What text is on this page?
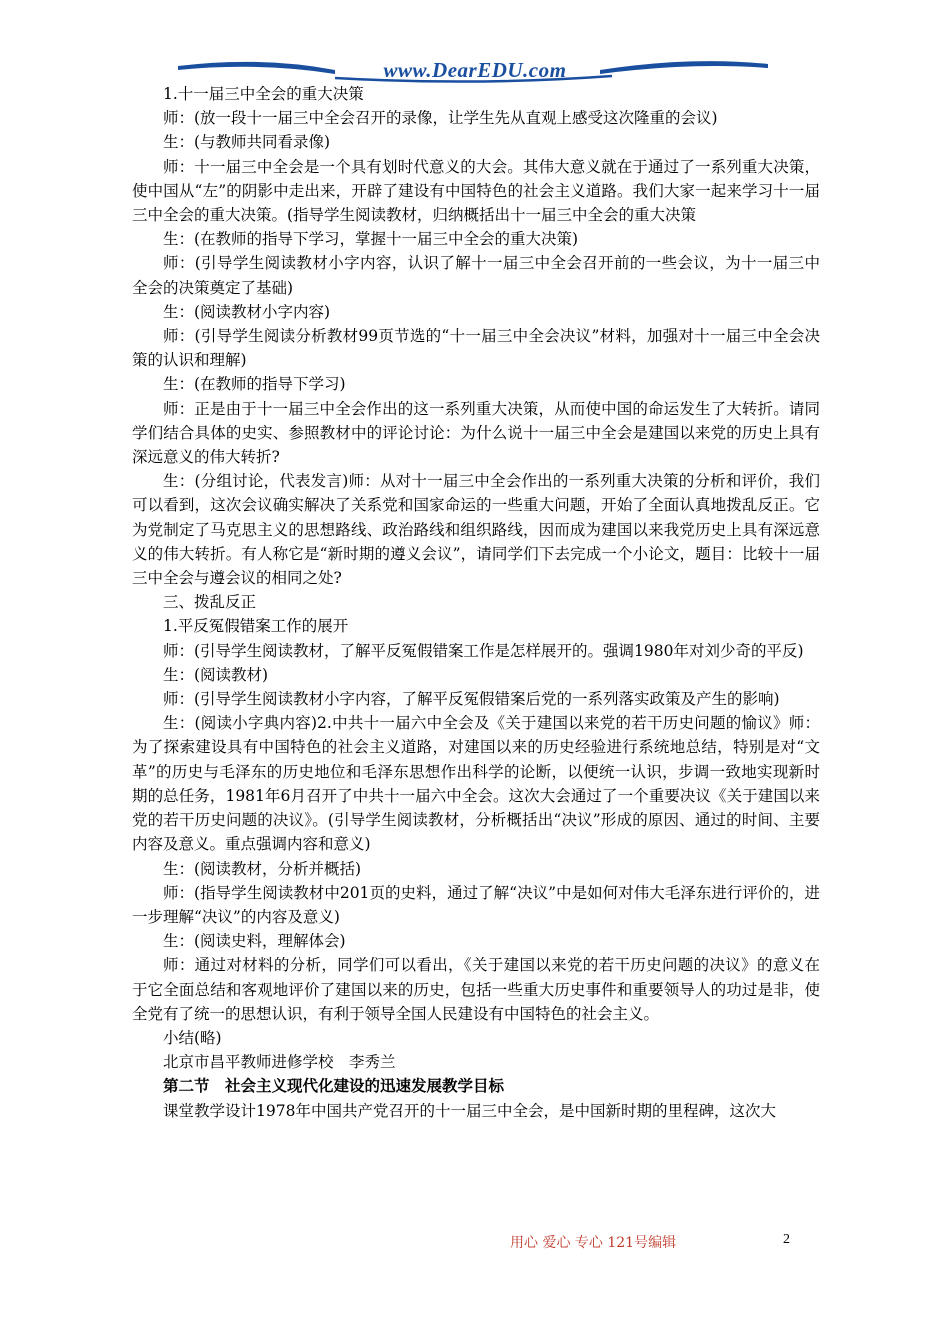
www.DearEDU.com

1.十一届三中全会的重大决策

师：(放一段十一届三中全会召开的录像，让学生先从直观上感受这次隆重的会议)

生：(与教师共同看录像)

师：十一届三中全会是一个具有划时代意义的大会。其伟大意义就在于通过了一系列重大决策，使中国从“左”的阴影中走出来，开辟了建设有中国特色的社会主义道路。我们大家一起来学习十一届三中全会的重大决策。(指导学生阅读教材，归纳概括出十一届三中全会的重大决策

生：(在教师的指导下学习，掌握十一届三中全会的重大决策)

师：(引导学生阅读教材小字内容，认识了解十一届三中全会召开前的一些会议，为十一届三中全会的决策奠定了基础)

生：(阅读教材小字内容)

师：(引导学生阅读分析教材99页节选的“十一届三中全会决议”材料，加强对十一届三中全会决策的认识和理解)

生：(在教师的指导下学习)

师：正是由于十一届三中全会作出的这一系列重大决策，从而使中国的命运发生了大转折。请同学们结合具体的史实、参照教材中的评论讨论：为什么说十一届三中全会是建国以来党的历史上具有深远意义的伟大转折?

生：(分组讨论，代表发言)师：从对十一届三中全会作出的一系列重大决策的分析和评价，我们可以看到，这次会议确实解决了关系党和国家命运的一些重大问题，开始了全面认真地拨乱反正。它为党制定了马克思主义的思想路线、政治路线和组织路线，因而成为建国以来我党历史上具有深远意义的伟大转折。有人称它是“新时期的遵义会议”，请同学们下去完成一个小论文，题目：比较十一届三中全会与遵会议的相同之处?

三、拨乱反正

1.平反冤假错案工作的展开

师：(引导学生阅读教材，了解平反冤假错案工作是怎样展开的。强调1980年对刘少奇的平反)

生：(阅读教材)

师：(引导学生阅读教材小字内容，了解平反冤假错案后党的一系列落实政策及产生的影响)

生：(阅读小字典内容)2.中共十一届六中全会及《关于建国以来党的若干历史问题的愉议》师：为了探索建设具有中国特色的社会主义道路，对建国以来的历史经验进行系统地总结，特别是对“文革”的历史与毛泽东的历史地位和毛泽东思想作出科学的论断，以便统一认识，步调一致地实现新时期的总任务，1981年6月召开了中共十一届六中全会。这次大会通过了一个重要决议《关于建国以来党的若干历史问题的决议》。(引导学生阅读教材，分析概括出“决议”形成的原因、通过的时间、主要内容及意义。重点强调内容和意义)

生：(阅读教材，分析并概括)

师：(指导学生阅读教材中201页的史料，通过了解“决议”中是如何对伟大毛泽东进行评价的，进一步理解“决议”的内容及意义)

生：(阅读史料，理解体会)

师：通过对材料的分析，同学们可以看出，《关于建国以来党的若干历史问题的决议》的意义在于它全面总结和客观地评价了建国以来的历史，包括一些重大历史事件和重要领导人的功过是非，使全党有了统一的思想认识，有利于领导全国人民建设有中国特色的社会主义。

小结(略)

北京市昌平教师进修学校　李秀兰

第二节　社会主义现代化建设的迅速发展教学目标

课堂教学设计1978年中国共产党召开的十一届三中全会，是中国新时期的里程碑，这次大

用心 爱心 专心 121号编辑	2
